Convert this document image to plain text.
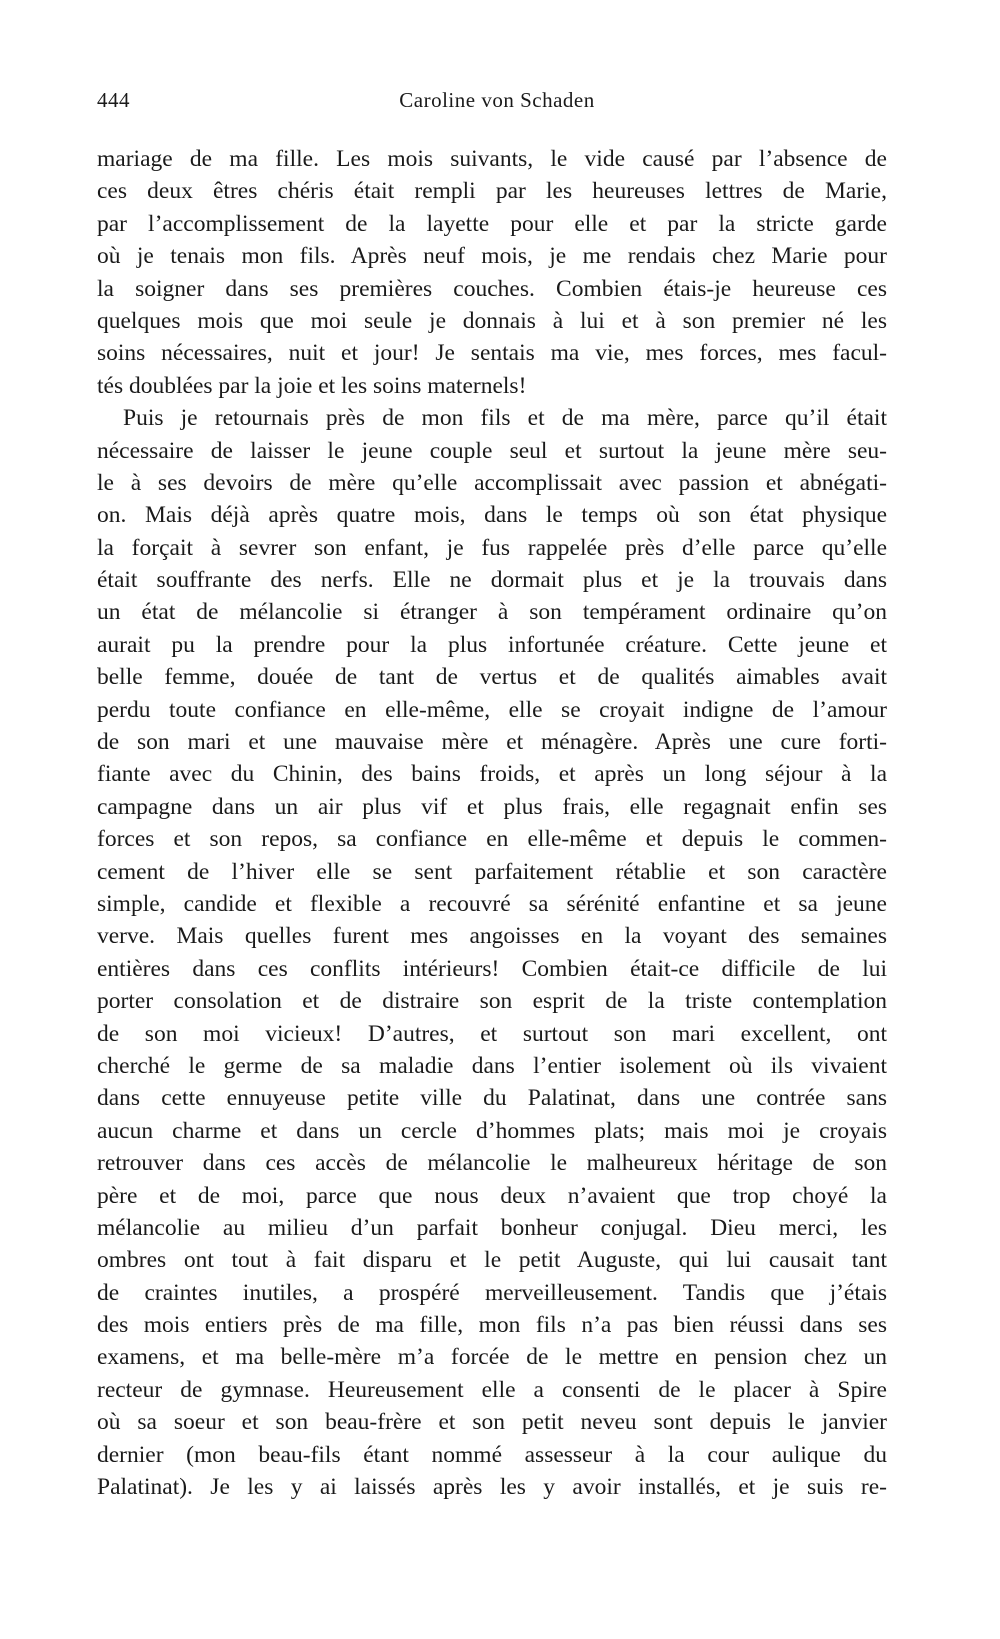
444	Caroline von Schaden
mariage de ma fille. Les mois suivants, le vide causé par l’absence de
ces deux êtres chéris était rempli par les heureuses lettres de Marie,
par l’accomplissement de la layette pour elle et par la stricte garde
où je tenais mon fils. Après neuf mois, je me rendais chez Marie pour
la soigner dans ses premières couches. Combien étais-je heureuse ces
quelques mois que moi seule je donnais à lui et à son premier né les
soins nécessaires, nuit et jour! Je sentais ma vie, mes forces, mes facul-
tés doublées par la joie et les soins maternels!
Puis je retournais près de mon fils et de ma mère, parce qu’il était
nécessaire de laisser le jeune couple seul et surtout la jeune mère seu-
le à ses devoirs de mère qu’elle accomplissait avec passion et abnégati-
on. Mais déjà après quatre mois, dans le temps où son état physique
la forçait à sevrer son enfant, je fus rappelée près d’elle parce qu’elle
était souffrante des nerfs. Elle ne dormait plus et je la trouvais dans
un état de mélancolie si étranger à son tempérament ordinaire qu’on
aurait pu la prendre pour la plus infortunée créature. Cette jeune et
belle femme, douée de tant de vertus et de qualités aimables avait
perdu toute confiance en elle-même, elle se croyait indigne de l’amour
de son mari et une mauvaise mère et ménagère. Après une cure forti-
fiante avec du Chinin, des bains froids, et après un long séjour à la
campagne dans un air plus vif et plus frais, elle regagnait enfin ses
forces et son repos, sa confiance en elle-même et depuis le commen-
cement de l’hiver elle se sent parfaitement rétablie et son caractère
simple, candide et flexible a recouvré sa sérénité enfantine et sa jeune
verve. Mais quelles furent mes angoisses en la voyant des semaines
entières dans ces conflits intérieurs! Combien était-ce difficile de lui
porter consolation et de distraire son esprit de la triste contemplation
de son moi vicieux! D’autres, et surtout son mari excellent, ont
cherché le germe de sa maladie dans l’entier isolement où ils vivaient
dans cette ennuyeuse petite ville du Palatinat, dans une contrée sans
aucun charme et dans un cercle d’hommes plats; mais moi je croyais
retrouver dans ces accès de mélancolie le malheureux héritage de son
père et de moi, parce que nous deux n’avaient que trop choyé la
mélancolie au milieu d’un parfait bonheur conjugal. Dieu merci, les
ombres ont tout à fait disparu et le petit Auguste, qui lui causait tant
de craintes inutiles, a prospéré merveilleusement. Tandis que j’étais
des mois entiers près de ma fille, mon fils n’a pas bien réussi dans ses
examens, et ma belle-mère m’a forcée de le mettre en pension chez un
recteur de gymnase. Heureusement elle a consenti de le placer à Spire
où sa soeur et son beau-frère et son petit neveu sont depuis le janvier
dernier (mon beau-fils étant nommé assesseur à la cour aulique du
Palatinat). Je les y ai laissés après les y avoir installés, et je suis re-
